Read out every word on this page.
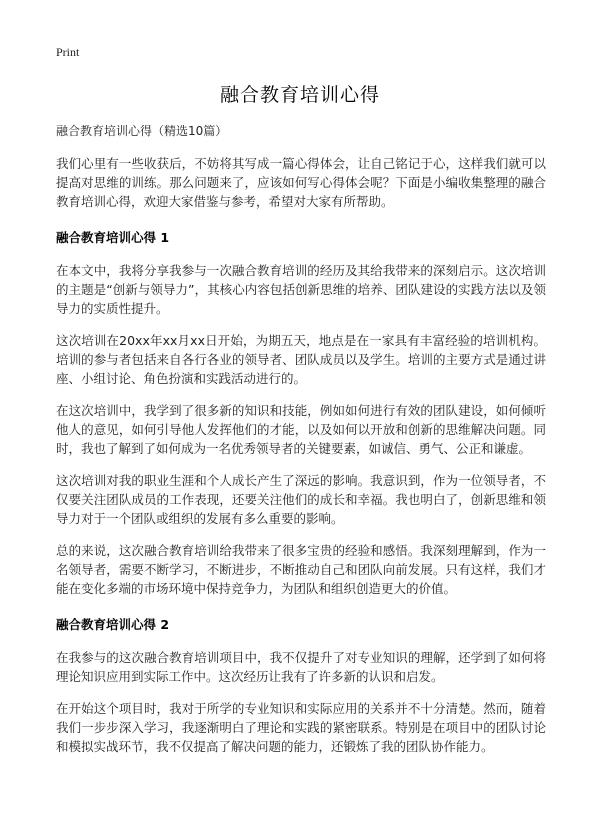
Print
融合教育培训心得

融合教育培训心得（精选10篇）

我们心里有一些收获后，不妨将其写成一篇心得体会，让自己铭记于心，这样我们就可以提高对思维的训练。那么问题来了，应该如何写心得体会呢？下面是小编收集整理的融合教育培训心得，欢迎大家借鉴与参考，希望对大家有所帮助。

融合教育培训心得 1

在本文中，我将分享我参与一次融合教育培训的经历及其给我带来的深刻启示。这次培训的主题是“创新与领导力”，其核心内容包括创新思维的培养、团队建设的实践方法以及领导力的实质性提升。

这次培训在20xx年xx月xx日开始，为期五天，地点是在一家具有丰富经验的培训机构。培训的参与者包括来自各行各业的领导者、团队成员以及学生。培训的主要方式是通过讲座、小组讨论、角色扮演和实践活动进行的。

在这次培训中，我学到了很多新的知识和技能，例如如何进行有效的团队建设，如何倾听他人的意见，如何引导他人发挥他们的才能，以及如何以开放和创新的思维解决问题。同时，我也了解到了如何成为一名优秀领导者的关键要素，如诚信、勇气、公正和谦虚。

这次培训对我的职业生涯和个人成长产生了深远的影响。我意识到，作为一位领导者，不仅要关注团队成员的工作表现，还要关注他们的成长和幸福。我也明白了，创新思维和领导力对于一个团队或组织的发展有多么重要的影响。

总的来说，这次融合教育培训给我带来了很多宝贵的经验和感悟。我深刻理解到，作为一名领导者，需要不断学习，不断进步，不断推动自己和团队向前发展。只有这样，我们才能在变化多端的市场环境中保持竞争力，为团队和组织创造更大的价值。

融合教育培训心得 2

在我参与的这次融合教育培训项目中，我不仅提升了对专业知识的理解，还学到了如何将理论知识应用到实际工作中。这次经历让我有了许多新的认识和启发。

在开始这个项目时，我对于所学的专业知识和实际应用的关系并不十分清楚。然而，随着我们一步步深入学习，我逐渐明白了理论和实践的紧密联系。特别是在项目中的团队讨论和模拟实战环节，我不仅提高了解决问题的能力，还锻炼了我的团队协作能力。
